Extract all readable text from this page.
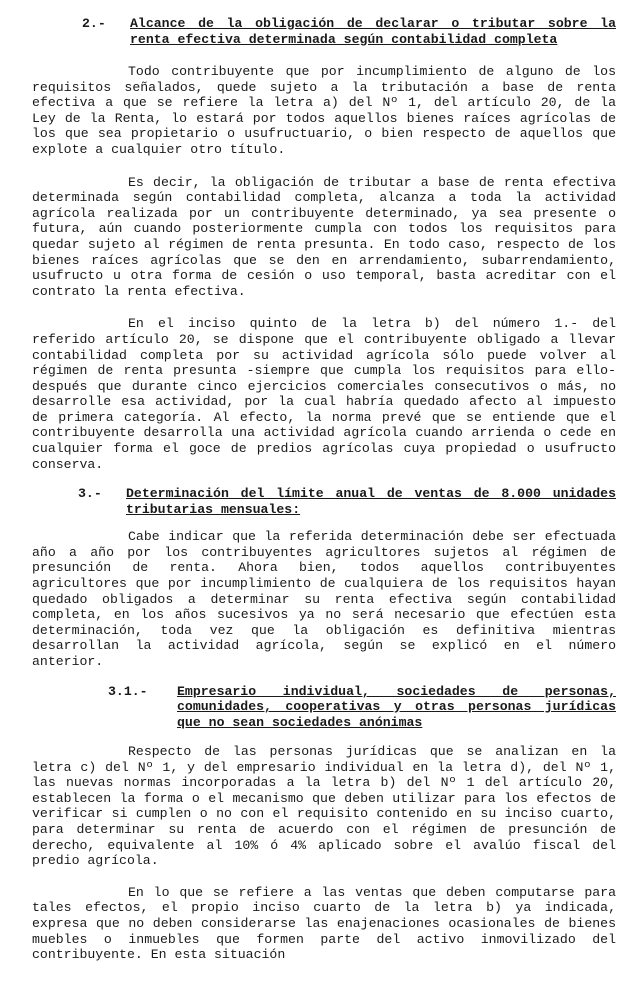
2.-	Alcance de la obligación de declarar o tributar sobre la renta efectiva determinada según contabilidad completa

Todo contribuyente que por incumplimiento de alguno de los requisitos señalados, quede sujeto a la tributación a base de renta efectiva a que se refiere la letra a) del Nº 1, del artículo 20, de la Ley de la Renta, lo estará por todos aquellos bienes raíces agrícolas de los que sea propietario o usufructuario, o bien respecto de aquellos que explote a cualquier otro título.

Es decir, la obligación de tributar a base de renta efectiva determinada según contabilidad completa, alcanza a toda la actividad agrícola realizada por un contribuyente determinado, ya sea presente o futura, aún cuando posteriormente cumpla con todos los requisitos para quedar sujeto al régimen de renta presunta. En todo caso, respecto de los bienes raíces agrícolas que se den en arrendamiento, subarrendamiento, usufructo u otra forma de cesión o uso temporal, basta acreditar con el contrato la renta efectiva.

En el inciso quinto de la letra b) del número 1.- del referido artículo 20, se dispone que el contribuyente obligado a llevar contabilidad completa por su actividad agrícola sólo puede volver al régimen de renta presunta -siempre que cumpla los requisitos para ello- después que durante cinco ejercicios comerciales consecutivos o más, no desarrolle esa actividad, por la cual habría quedado afecto al impuesto de primera categoría. Al efecto, la norma prevé que se entiende que el contribuyente desarrolla una actividad agrícola cuando arrienda o cede en cualquier forma el goce de predios agrícolas cuya propiedad o usufructo conserva.

3.-	Determinación del límite anual de ventas de 8.000 unidades tributarias mensuales:

Cabe indicar que la referida determinación debe ser efectuada año a año por los contribuyentes agricultores sujetos al régimen de presunción de renta. Ahora bien, todos aquellos contribuyentes agricultores que por incumplimiento de cualquiera de los requisitos hayan quedado obligados a determinar su renta efectiva según contabilidad completa, en los años sucesivos ya no será necesario que efectúen esta determinación, toda vez que la obligación es definitiva mientras desarrollan la actividad agrícola, según se explicó en el número anterior.

3.1.-	Empresario individual, sociedades de personas, comunidades, cooperativas y otras personas jurídicas que no sean sociedades anónimas

Respecto de las personas jurídicas que se analizan en la letra c) del Nº 1, y del empresario individual en la letra d), del Nº 1, las nuevas normas incorporadas a la letra b) del Nº 1 del artículo 20, establecen la forma o el mecanismo que deben utilizar para los efectos de verificar si cumplen o no con el requisito contenido en su inciso cuarto, para determinar su renta de acuerdo con el régimen de presunción de derecho, equivalente al 10% ó 4% aplicado sobre el avalúo fiscal del predio agrícola.

En lo que se refiere a las ventas que deben computarse para tales efectos, el propio inciso cuarto de la letra b) ya indicada, expresa que no deben considerarse las enajenaciones ocasionales de bienes muebles o inmuebles que formen parte del activo inmovilizado del contribuyente. En esta situación
